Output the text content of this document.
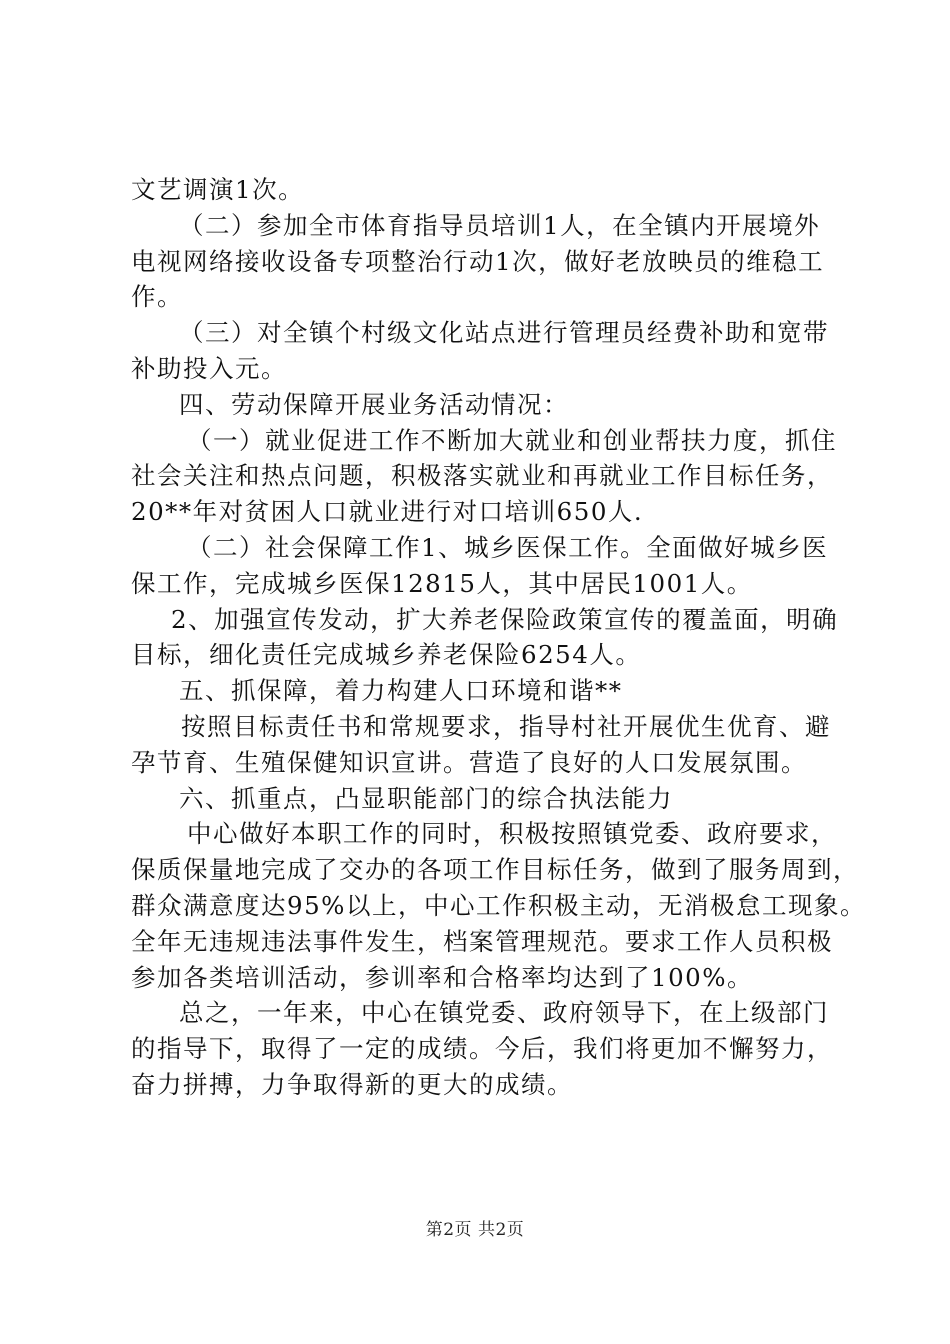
文艺调演1次。
（二）参加全市体育指导员培训1人，在全镇内开展境外
电视网络接收设备专项整治行动1次，做好老放映员的维稳工
作。
（三）对全镇个村级文化站点进行管理员经费补助和宽带
补助投入元。
四、劳动保障开展业务活动情况：
（一）就业促进工作不断加大就业和创业帮扶力度，抓住
社会关注和热点问题，积极落实就业和再就业工作目标任务，
20**年对贫困人口就业进行对口培训650人.
（二）社会保障工作1、城乡医保工作。全面做好城乡医
保工作，完成城乡医保12815人，其中居民1001人。
2、加强宣传发动，扩大养老保险政策宣传的覆盖面，明确
目标，细化责任完成城乡养老保险6254人。
五、抓保障，着力构建人口环境和谐**
按照目标责任书和常规要求，指导村社开展优生优育、避
孕节育、生殖保健知识宣讲。营造了良好的人口发展氛围。
六、抓重点，凸显职能部门的综合执法能力
中心做好本职工作的同时，积极按照镇党委、政府要求，
保质保量地完成了交办的各项工作目标任务，做到了服务周到，
群众满意度达95%以上，中心工作积极主动，无消极怠工现象。
全年无违规违法事件发生，档案管理规范。要求工作人员积极
参加各类培训活动，参训率和合格率均达到了100%。
总之，一年来，中心在镇党委、政府领导下，在上级部门
的指导下，取得了一定的成绩。今后，我们将更加不懈努力，
奋力拼搏，力争取得新的更大的成绩。
第2页 共2页
